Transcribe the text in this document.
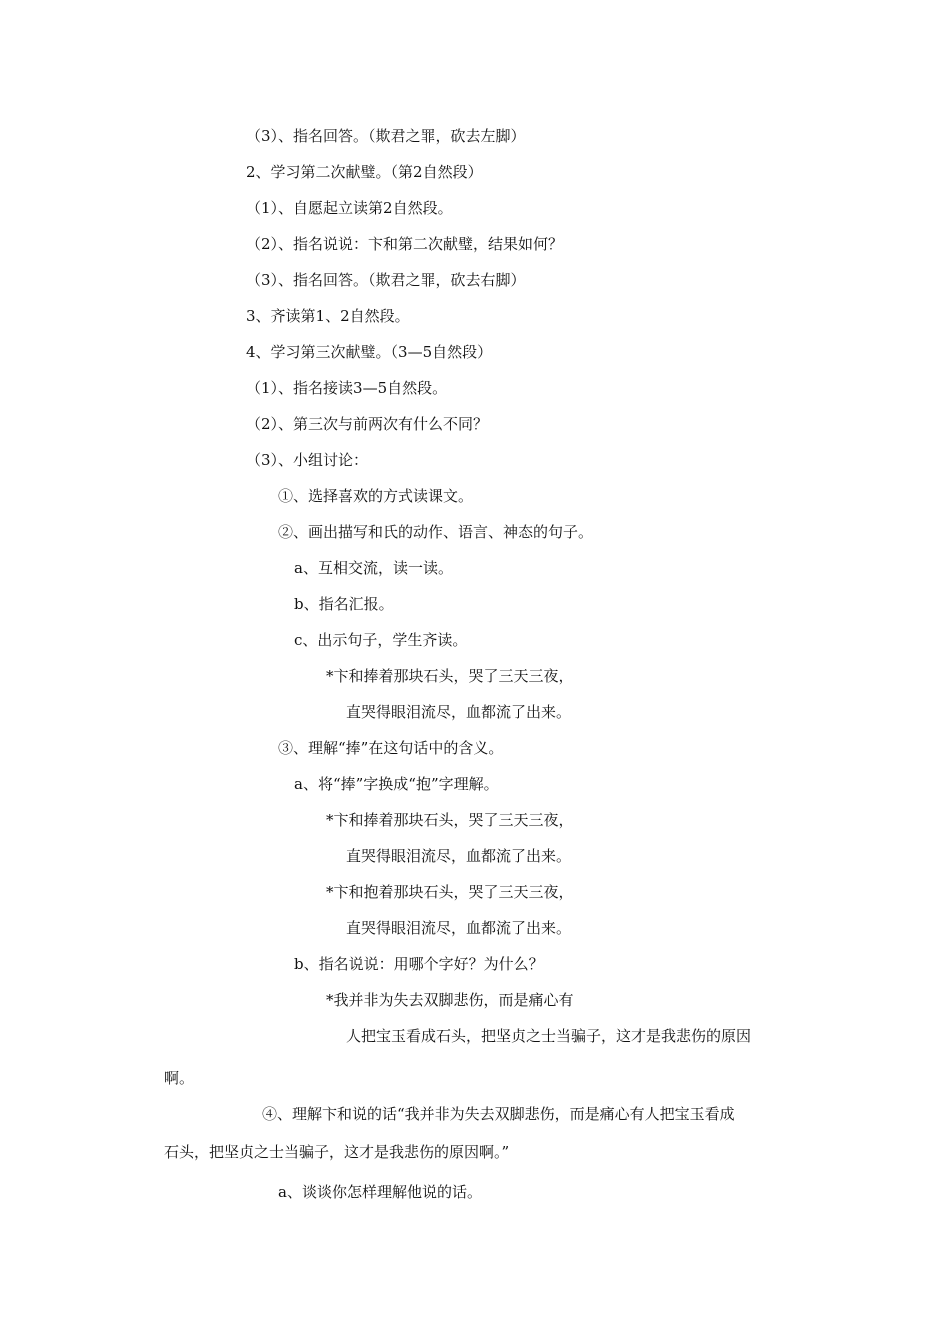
（3）、指名回答。（欺君之罪，砍去左脚）
2、学习第二次献璧。（第2自然段）
（1）、自愿起立读第2自然段。
（2）、指名说说：卞和第二次献璧，结果如何？
（3）、指名回答。（欺君之罪，砍去右脚）
3、齐读第1、2自然段。
4、学习第三次献璧。（3—5自然段）
（1）、指名接读3—5自然段。
（2）、第三次与前两次有什么不同？
（3）、小组讨论：
①、选择喜欢的方式读课文。
②、画出描写和氏的动作、语言、神态的句子。
a、互相交流，读一读。
b、指名汇报。
c、出示句子，学生齐读。
*卞和捧着那块石头，哭了三天三夜，
直哭得眼泪流尽，血都流了出来。
③、理解“捧”在这句话中的含义。
a、将“捧”字换成“抱”字理解。
*卞和捧着那块石头，哭了三天三夜，
直哭得眼泪流尽，血都流了出来。
*卞和抱着那块石头，哭了三天三夜，
直哭得眼泪流尽，血都流了出来。
b、指名说说：用哪个字好？为什么？
*我并非为失去双脚悲伤，而是痛心有
人把宝玉看成石头，把坚贞之士当骗子，这才是我悲伤的原因
啊。
④、理解卞和说的话“我并非为失去双脚悲伤，而是痛心有人把宝玉看成
石头，把坚贞之士当骗子，这才是我悲伤的原因啊。”
a、谈谈你怎样理解他说的话。
